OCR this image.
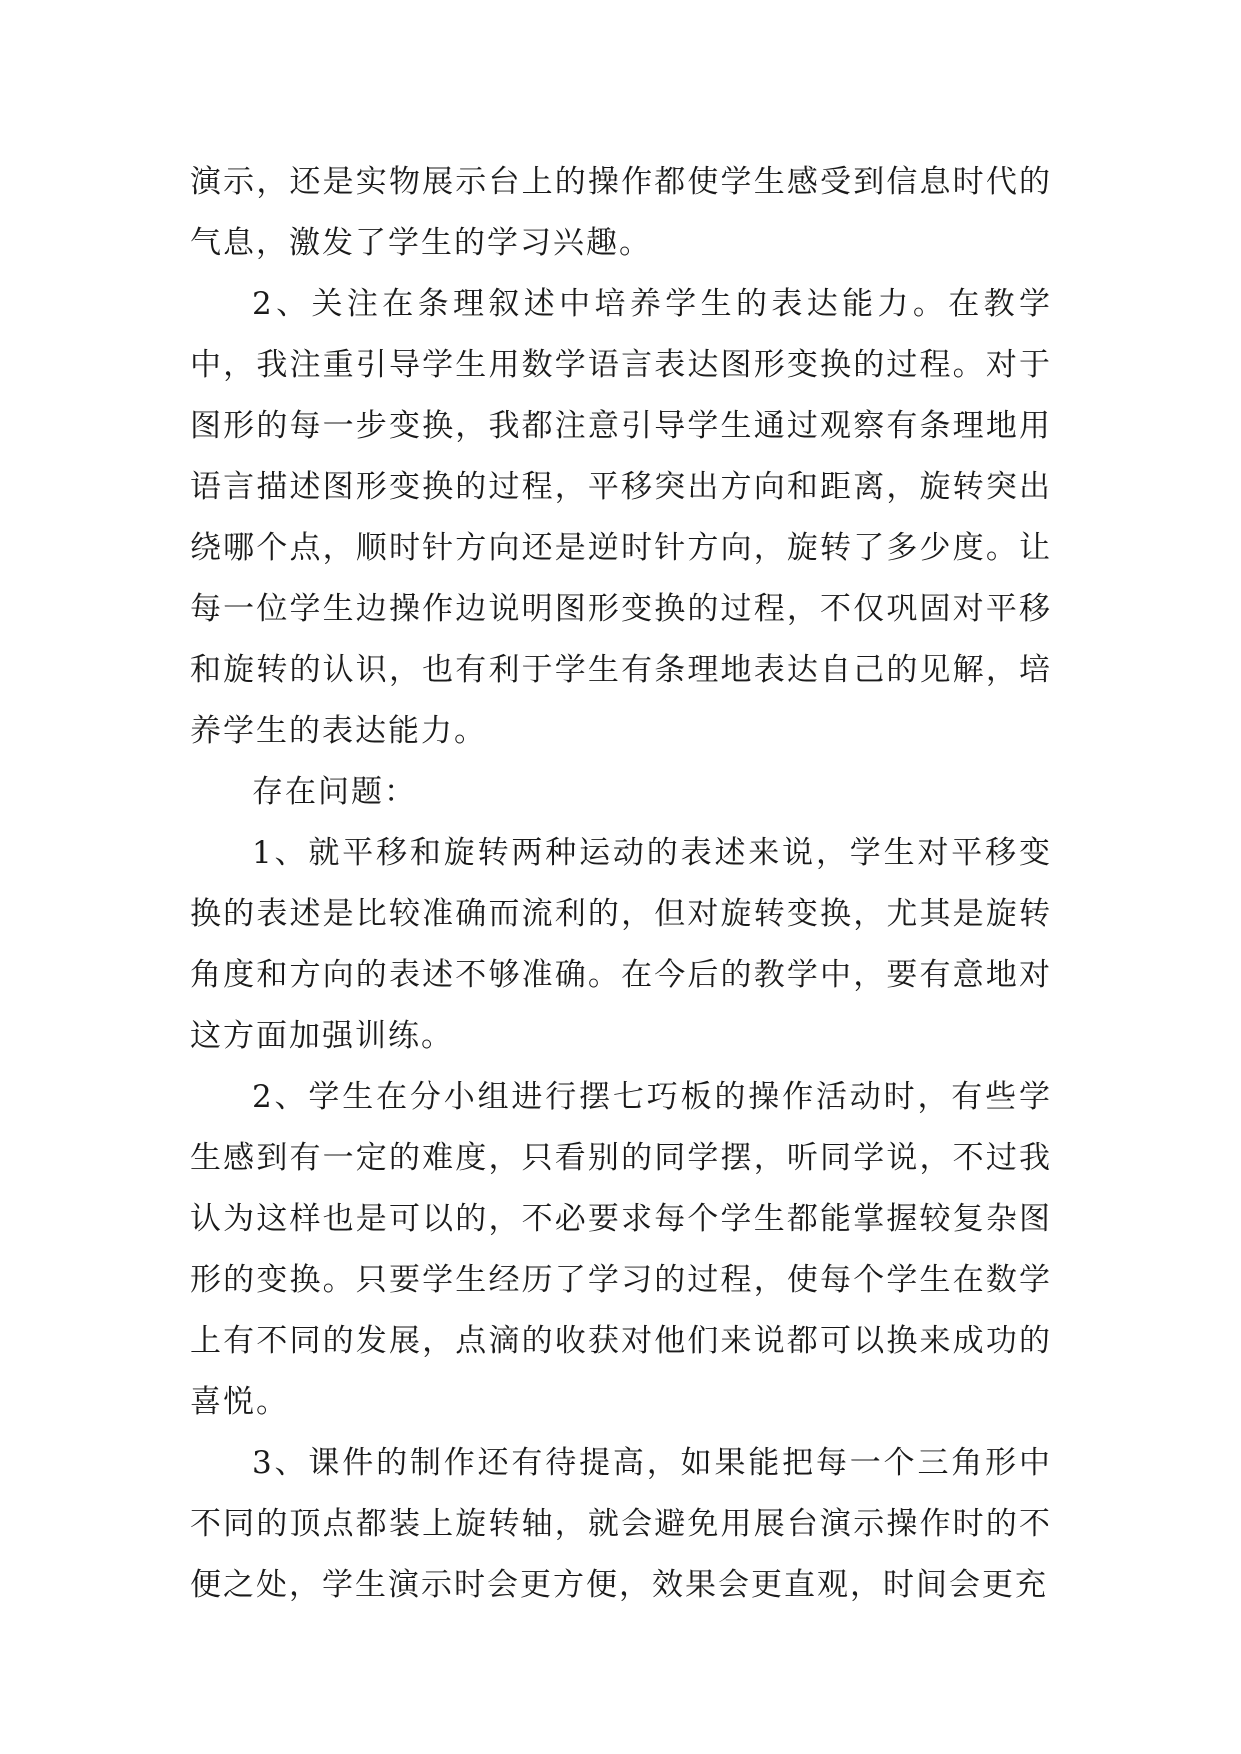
演示，还是实物展示台上的操作都使学生感受到信息时代的气息，激发了学生的学习兴趣。

2、关注在条理叙述中培养学生的表达能力。在教学中，我注重引导学生用数学语言表达图形变换的过程。对于图形的每一步变换，我都注意引导学生通过观察有条理地用语言描述图形变换的过程，平移突出方向和距离，旋转突出绕哪个点，顺时针方向还是逆时针方向，旋转了多少度。让每一位学生边操作边说明图形变换的过程，不仅巩固对平移和旋转的认识，也有利于学生有条理地表达自己的见解，培养学生的表达能力。

存在问题：

1、就平移和旋转两种运动的表述来说，学生对平移变换的表述是比较准确而流利的，但对旋转变换，尤其是旋转角度和方向的表述不够准确。在今后的教学中，要有意地对这方面加强训练。

2、学生在分小组进行摆七巧板的操作活动时，有些学生感到有一定的难度，只看别的同学摆，听同学说，不过我认为这样也是可以的，不必要求每个学生都能掌握较复杂图形的变换。只要学生经历了学习的过程，使每个学生在数学上有不同的发展，点滴的收获对他们来说都可以换来成功的喜悦。

3、课件的制作还有待提高，如果能把每一个三角形中不同的顶点都装上旋转轴，就会避免用展台演示操作时的不便之处，学生演示时会更方便，效果会更直观，时间会更充
